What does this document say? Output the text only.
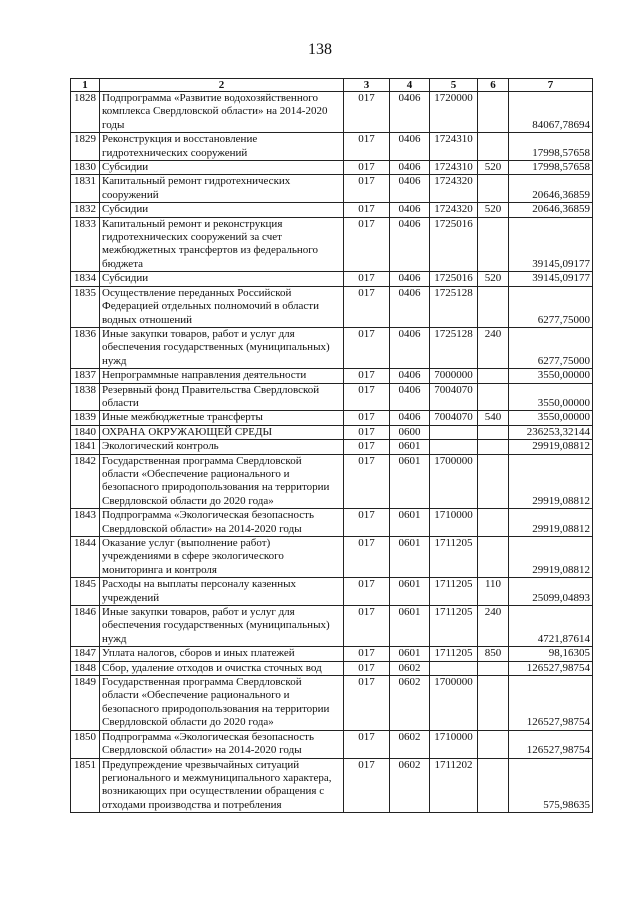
138
1	2	3	4	5	6	7
1828	Подпрограмма «Развитие водохозяйственного комплекса Свердловской области» на 2014-2020 годы	017	0406	1720000		84067,78694
1829	Реконструкция и восстановление гидротехнических сооружений	017	0406	1724310		17998,57658
1830	Субсидии	017	0406	1724310	520	17998,57658
1831	Капитальный ремонт гидротехнических сооружений	017	0406	1724320		20646,36859
1832	Субсидии	017	0406	1724320	520	20646,36859
1833	Капитальный ремонт и реконструкция гидротехнических сооружений за счет межбюджетных трансфертов из федерального бюджета	017	0406	1725016		39145,09177
1834	Субсидии	017	0406	1725016	520	39145,09177
1835	Осуществление переданных Российской Федерацией отдельных полномочий в области водных отношений	017	0406	1725128		6277,75000
1836	Иные закупки товаров, работ и услуг для обеспечения государственных (муниципальных) нужд	017	0406	1725128	240	6277,75000
1837	Непрограммные направления деятельности	017	0406	7000000		3550,00000
1838	Резервный фонд Правительства Свердловской области	017	0406	7004070		3550,00000
1839	Иные межбюджетные трансферты	017	0406	7004070	540	3550,00000
1840	ОХРАНА ОКРУЖАЮЩЕЙ СРЕДЫ	017	0600			236253,32144
1841	Экологический контроль	017	0601			29919,08812
1842	Государственная программа Свердловской области «Обеспечение рационального и безопасного природопользования на территории Свердловской области до 2020 года»	017	0601	1700000		29919,08812
1843	Подпрограмма «Экологическая безопасность Свердловской области» на 2014-2020 годы	017	0601	1710000		29919,08812
1844	Оказание услуг (выполнение работ) учреждениями в сфере экологического мониторинга и контроля	017	0601	1711205		29919,08812
1845	Расходы на выплаты персоналу казенных учреждений	017	0601	1711205	110	25099,04893
1846	Иные закупки товаров, работ и услуг для обеспечения государственных (муниципальных) нужд	017	0601	1711205	240	4721,87614
1847	Уплата налогов, сборов и иных платежей	017	0601	1711205	850	98,16305
1848	Сбор, удаление отходов и очистка сточных вод	017	0602			126527,98754
1849	Государственная программа Свердловской области «Обеспечение рационального и безопасного природопользования на территории Свердловской области до 2020 года»	017	0602	1700000		126527,98754
1850	Подпрограмма «Экологическая безопасность Свердловской области» на 2014-2020 годы	017	0602	1710000		126527,98754
1851	Предупреждение чрезвычайных ситуаций регионального и межмуниципального характера, возникающих при осуществлении обращения с отходами производства и потребления	017	0602	1711202		575,98635
